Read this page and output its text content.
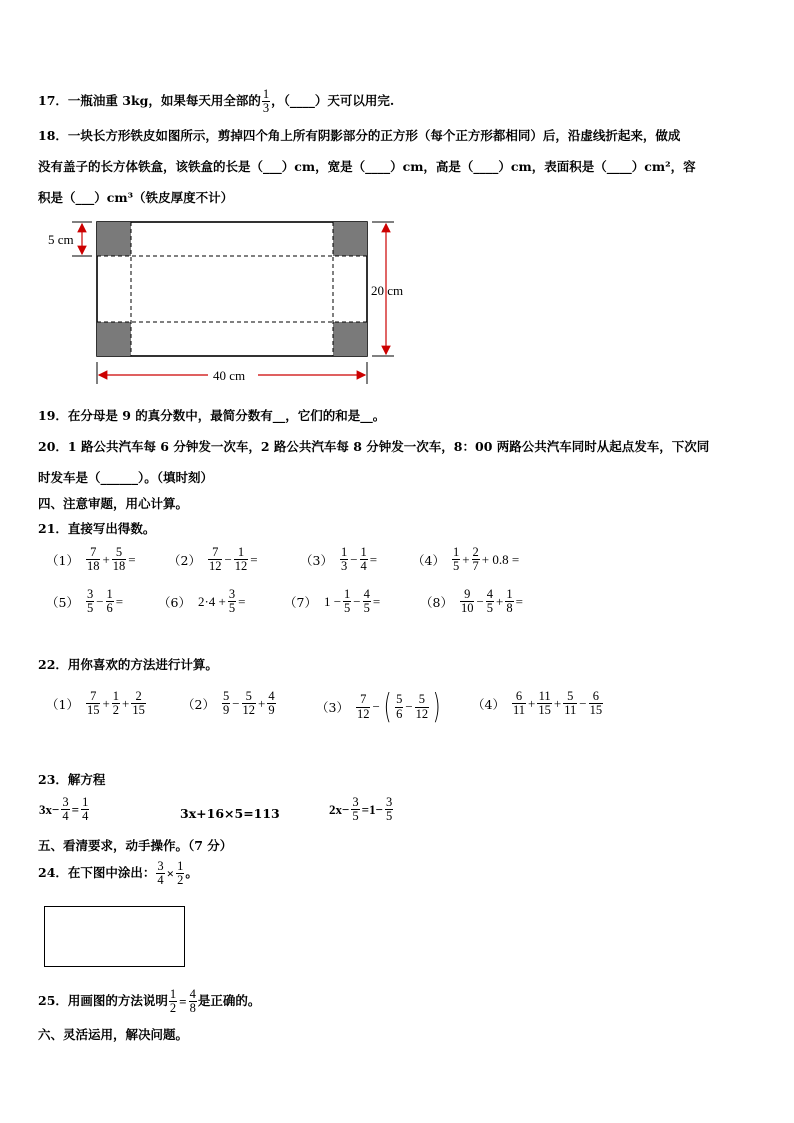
17．一瓶油重 3kg，如果每天用全部的 $\frac{1}{3}$ ，（____）天可以用完.
18．一块长方形铁皮如图所示，剪掉四个角上所有阴影部分的正方形（每个正方形都相同）后，沿虚线折起来，做成
没有盖子的长方体铁盒，该铁盒的长是（___）cm，宽是（____）cm，高是（____）cm，表面积是（____）cm²，容
积是（___）cm³（铁皮厚度不计）
5 cm
20 cm
40 cm
19．在分母是 9 的真分数中，最简分数有__，它们的和是__。
20．1 路公共汽车每 6 分钟发一次车，2 路公共汽车每 8 分钟发一次车，8：00 两路公共汽车同时从起点发车，下次同
时发车是（______）。（填时刻）
四、注意审题，用心计算。
21．直接写出得数。
$(1) \frac{7}{18} + \frac{5}{18}$ =	$(2) \frac{7}{12} - \frac{1}{12}$ =	$(3) \frac{1}{3} - \frac{1}{4}$ =	$(4) \frac{1}{5} + \frac{2}{7} + 0.8$ =
$(5) \frac{3}{5} - \frac{1}{6}$ =	（6） $2\cdot 4 + \frac{3}{5}$ =	（7） $1 - \frac{1}{5} - \frac{4}{5}$ =	$(8) \frac{9}{10} - \frac{4}{5} + \frac{1}{8}$ =
22．用你喜欢的方法进行计算。
$(1) \frac{7}{15} + \frac{1}{2} + \frac{2}{15}$	$(2) \frac{5}{9} - \frac{5}{12} + \frac{4}{9}$	$(3) \frac{7}{12}$ − ( $\frac{5}{6} - \frac{5}{12}$ ) $(4) \frac{6}{11} + \frac{11}{15} + \frac{5}{11} - \frac{6}{15}$
23．解方程
$3x- \frac{3}{4} = \frac{1}{4}$	3x+16×5=113	$2x- \frac{3}{5} =1- \frac{3}{5}$
五、看清要求，动手操作。（7 分）
24．在下图中涂出： $\frac{3}{4} \times \frac{1}{2}$ 。
25．用画图的方法说明 $\frac{1}{2} = \frac{4}{8}$ 是正确的。
六、灵活运用，解决问题。
